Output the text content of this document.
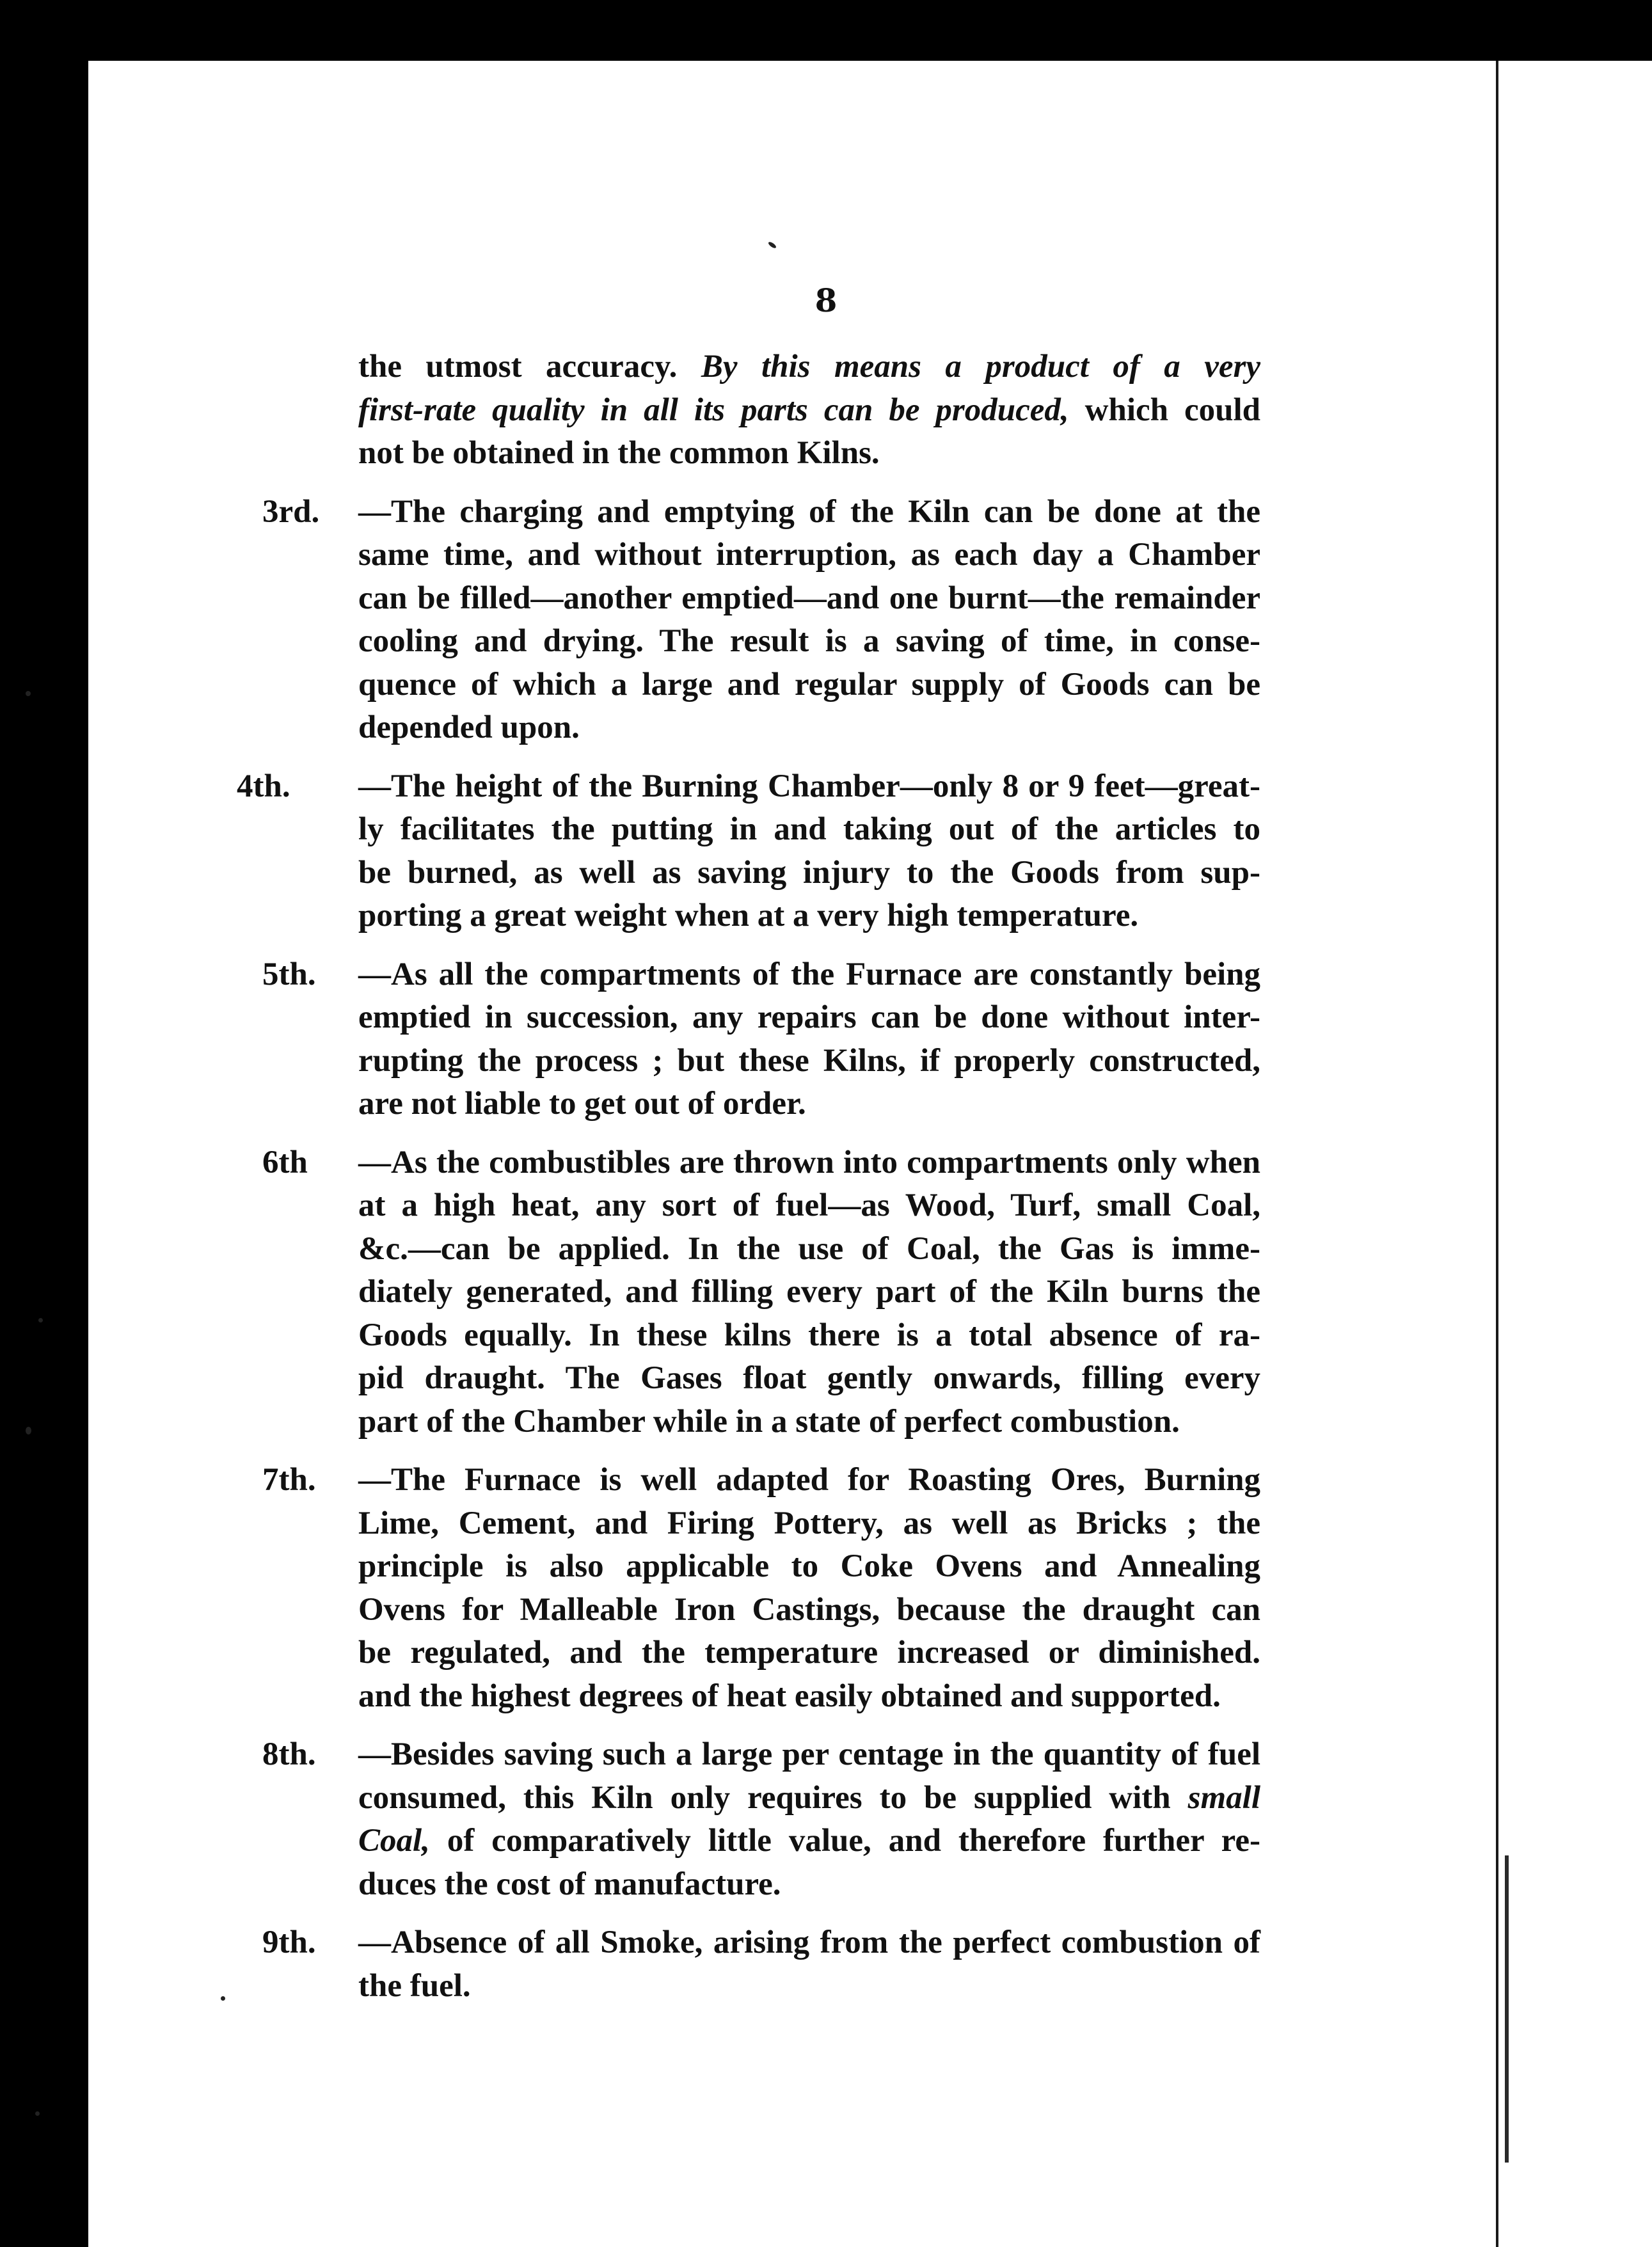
8
the utmost accuracy. By this means a product of a very
first-rate quality in all its parts can be produced, which could
not be obtained in the common Kilns.
3rd. —The charging and emptying of the Kiln can be done at the
same time, and without interruption, as each day a Chamber
can be filled—another emptied—and one burnt—the remainder
cooling and drying. The result is a saving of time, in conse-
quence of which a large and regular supply of Goods can be
depended upon.
4th. —The height of the Burning Chamber—only 8 or 9 feet—great-
ly facilitates the putting in and taking out of the articles to
be burned, as well as saving injury to the Goods from sup-
porting a great weight when at a very high temperature.
5th. —As all the compartments of the Furnace are constantly being
emptied in succession, any repairs can be done without inter-
rupting the process ; but these Kilns, if properly constructed,
are not liable to get out of order.
6th —As the combustibles are thrown into compartments only when
at a high heat, any sort of fuel—as Wood, Turf, small Coal,
&c.—can be applied. In the use of Coal, the Gas is imme-
diately generated, and filling every part of the Kiln burns the
Goods equally. In these kilns there is a total absence of ra-
pid draught. The Gases float gently onwards, filling every
part of the Chamber while in a state of perfect combustion.
7th. —The Furnace is well adapted for Roasting Ores, Burning
Lime, Cement, and Firing Pottery, as well as Bricks ; the
principle is also applicable to Coke Ovens and Annealing
Ovens for Malleable Iron Castings, because the draught can
be regulated, and the temperature increased or diminished.
and the highest degrees of heat easily obtained and supported.
8th. —Besides saving such a large per centage in the quantity of fuel
consumed, this Kiln only requires to be supplied with small
Coal, of comparatively little value, and therefore further re-
duces the cost of manufacture.
9th. —Absence of all Smoke, arising from the perfect combustion of
the fuel.
